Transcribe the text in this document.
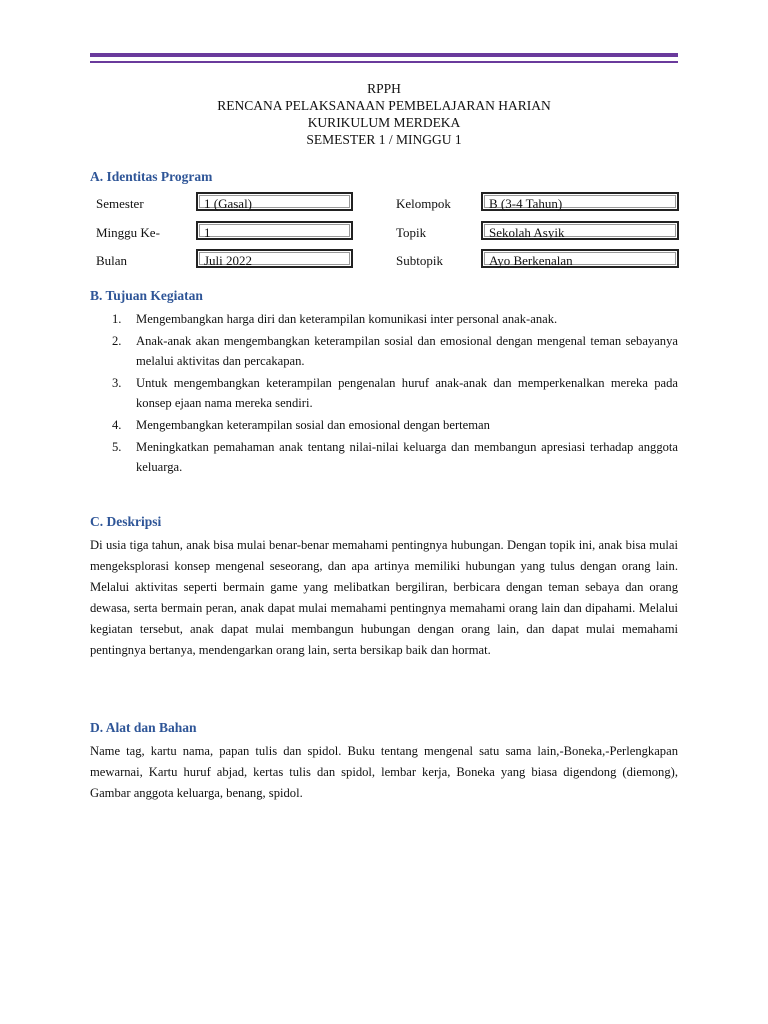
RPPH
RENCANA PELAKSANAAN PEMBELAJARAN HARIAN
KURIKULUM MERDEKA
SEMESTER 1 / MINGGU 1
A. Identitas Program
Semester	1 (Gasal)	Kelompok	B (3-4 Tahun)
Minggu Ke-	1	Topik	Sekolah Asyik
Bulan	Juli 2022	Subtopik	Ayo Berkenalan
B. Tujuan Kegiatan
1. Mengembangkan harga diri dan keterampilan komunikasi inter personal anak-anak.
2. Anak-anak akan mengembangkan keterampilan sosial dan emosional dengan mengenal teman sebayanya melalui aktivitas dan percakapan.
3. Untuk mengembangkan keterampilan pengenalan huruf anak-anak dan memperkenalkan mereka pada konsep ejaan nama mereka sendiri.
4. Mengembangkan keterampilan sosial dan emosional dengan berteman
5. Meningkatkan pemahaman anak tentang nilai-nilai keluarga dan membangun apresiasi terhadap anggota keluarga.
C. Deskripsi

Di usia tiga tahun, anak bisa mulai benar-benar memahami pentingnya hubungan. Dengan topik ini, anak bisa mulai mengeksplorasi konsep mengenal seseorang, dan apa artinya memiliki hubungan yang tulus dengan orang lain. Melalui aktivitas seperti bermain game yang melibatkan bergiliran, berbicara dengan teman sebaya dan orang dewasa, serta bermain peran, anak dapat mulai memahami pentingnya memahami orang lain dan dipahami. Melalui kegiatan tersebut, anak dapat mulai membangun hubungan dengan orang lain, dan dapat mulai memahami pentingnya bertanya, mendengarkan orang lain, serta bersikap baik dan hormat.

D. Alat dan Bahan

Name tag, kartu nama, papan tulis dan spidol. Buku tentang mengenal satu sama lain,-Boneka,-Perlengkapan mewarnai, Kartu huruf abjad, kertas tulis dan spidol, lembar kerja, Boneka yang biasa digendong (diemong), Gambar anggota keluarga, benang, spidol.
